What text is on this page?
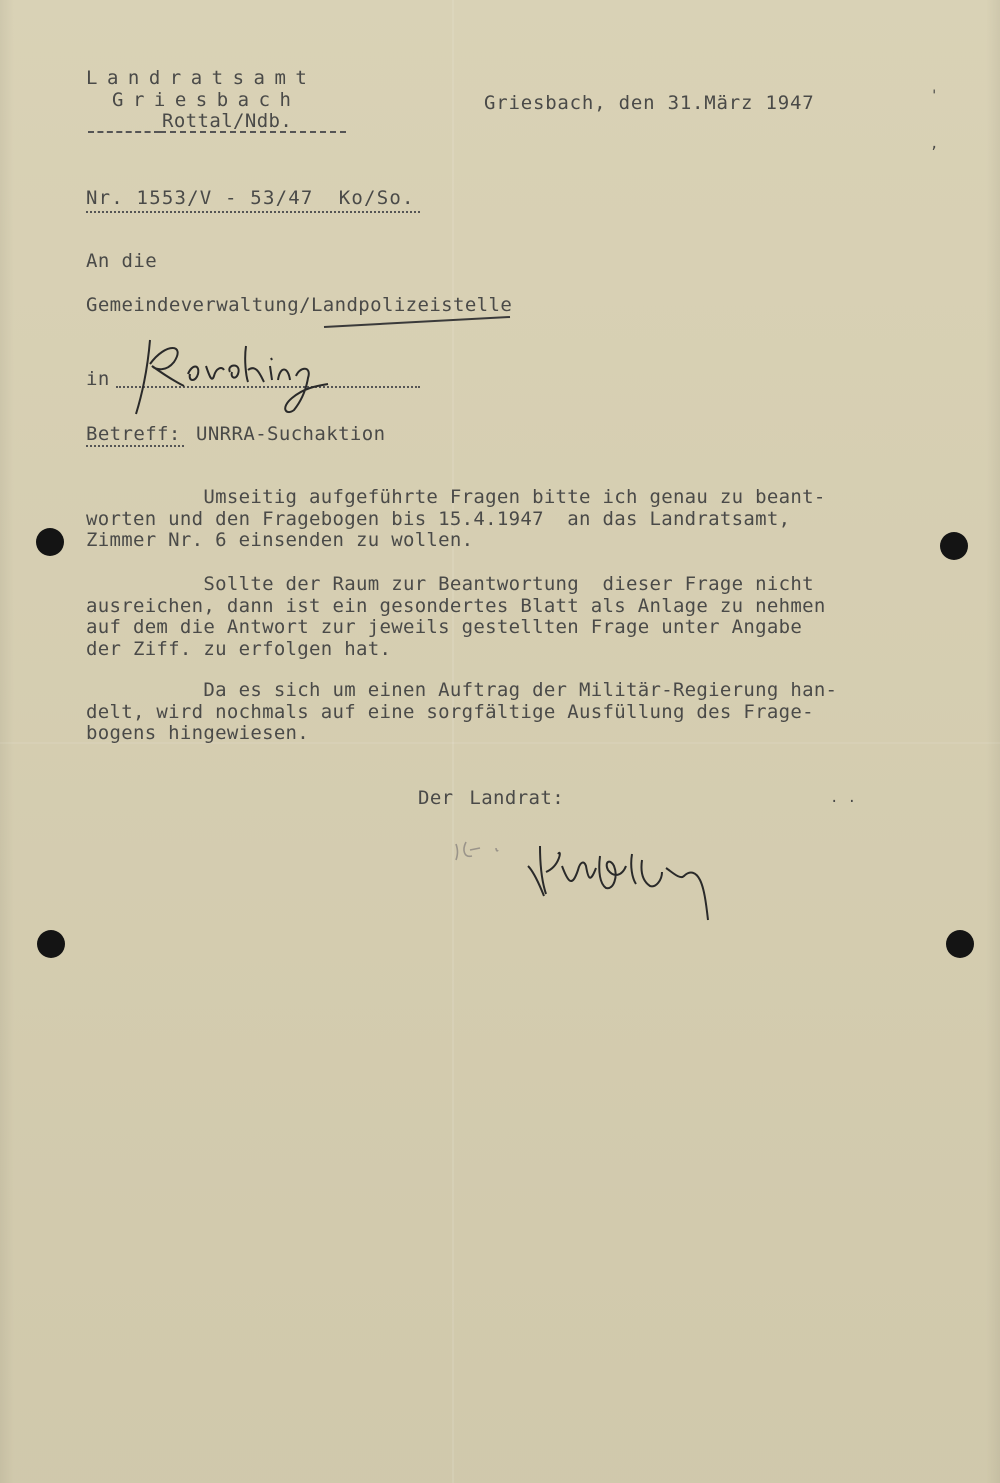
Landratsamt
Griesbach
Rottal/Ndb.
Griesbach, den 31.März 1947
Nr. 1553/V - 53/47  Ko/So.
An die
Gemeindeverwaltung/Landpolizeistelle
in
Betreff: UNRRA-Suchaktion
Umseitig aufgeführte Fragen bitte ich genau zu beant-
worten und den Fragebogen bis 15.4.1947  an das Landratsamt,
Zimmer Nr. 6 einsenden zu wollen.
Sollte der Raum zur Beantwortung  dieser Frage nicht
ausreichen, dann ist ein gesondertes Blatt als Anlage zu nehmen
auf dem die Antwort zur jeweils gestellten Frage unter Angabe
der Ziff. zu erfolgen hat.
Da es sich um einen Auftrag der Militär-Regierung han-
delt, wird nochmals auf eine sorgfältige Ausfüllung des Frage-
bogens hingewiesen.
Der Landrat:
'
,
. .
